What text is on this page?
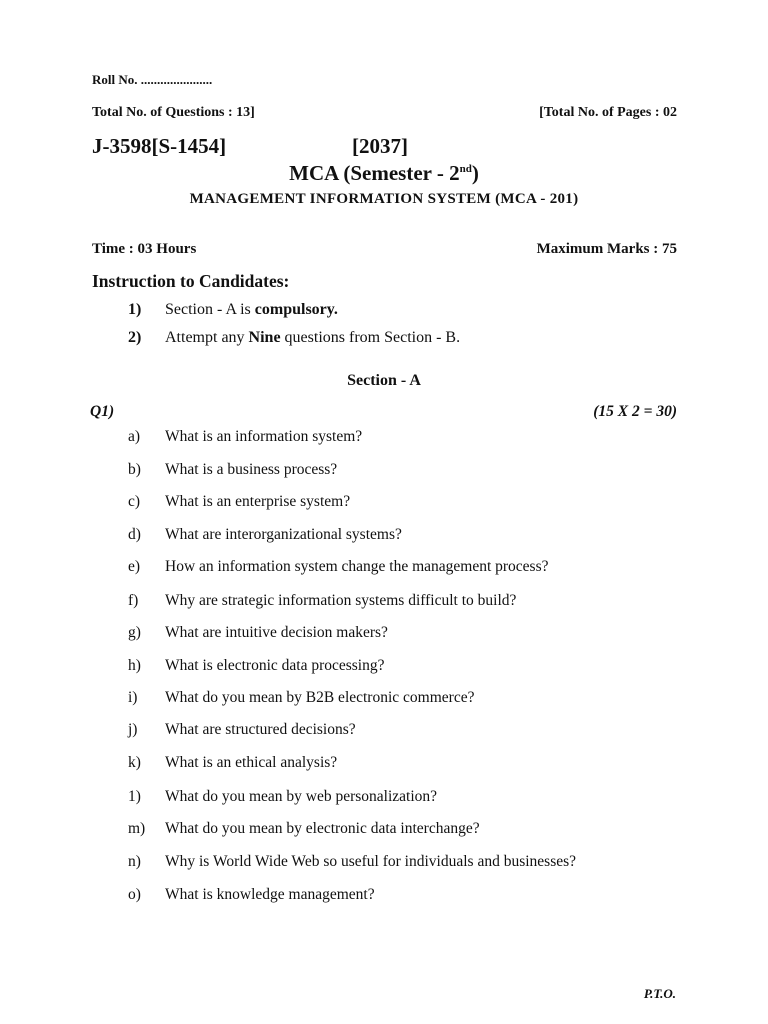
Roll No. ......................
Total No. of Questions : 13]	[Total No. of Pages : 02
J-3598[S-1454]	[2037]
MCA (Semester - 2nd)
MANAGEMENT INFORMATION SYSTEM (MCA - 201)
Time : 03 Hours	Maximum Marks : 75
Instruction to Candidates:
1) Section - A is compulsory.
2) Attempt any Nine questions from Section - B.
Section - A
Q1)	(15 X 2 = 30)
a) What is an information system?
b) What is a business process?
c) What is an enterprise system?
d) What are interorganizational systems?
e) How an information system change the management process?
f) Why are strategic information systems difficult to build?
g) What are intuitive decision makers?
h) What is electronic data processing?
i) What do you mean by B2B electronic commerce?
j) What are structured decisions?
k) What is an ethical analysis?
1) What do you mean by web personalization?
m) What do you mean by electronic data interchange?
n) Why is World Wide Web so useful for individuals and businesses?
o) What is knowledge management?
P.T.O.
